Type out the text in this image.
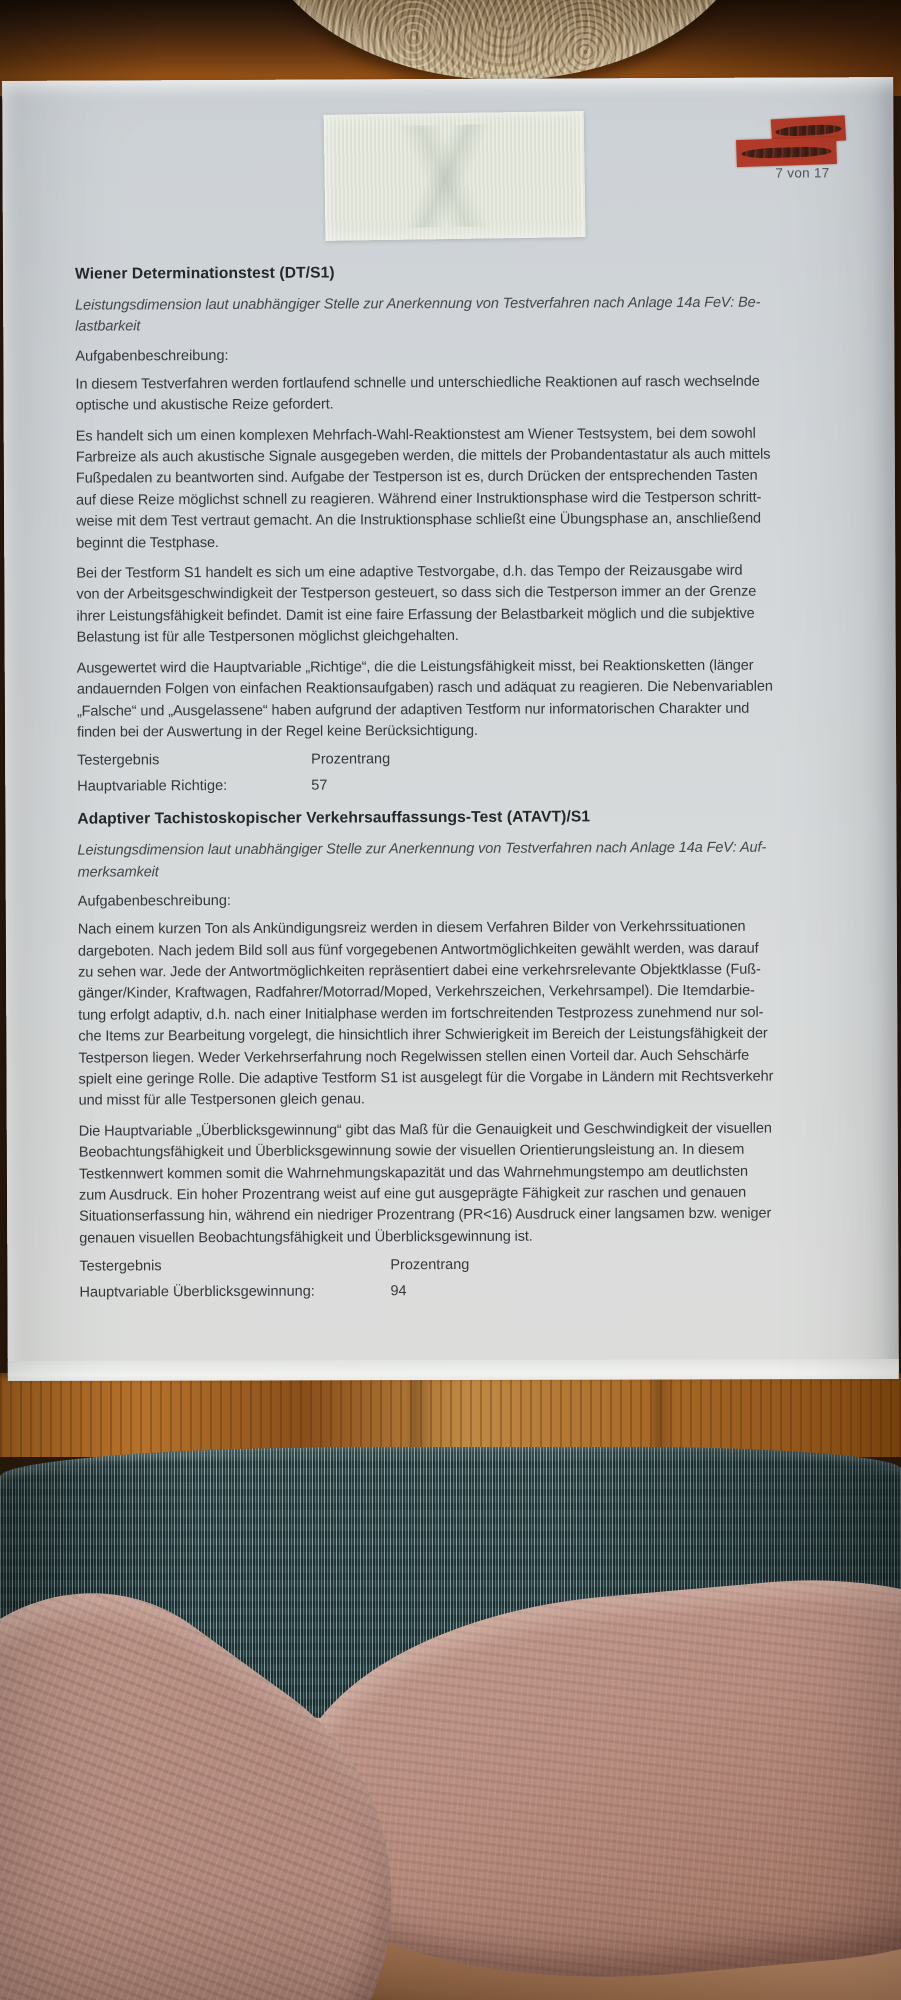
7 von 17

Wiener Determinationstest (DT/S1)

Leistungsdimension laut unabhängiger Stelle zur Anerkennung von Testverfahren nach Anlage 14a FeV: Be-
lastbarkeit

Aufgabenbeschreibung:

In diesem Testverfahren werden fortlaufend schnelle und unterschiedliche Reaktionen auf rasch wechselnde
optische und akustische Reize gefordert.

Es handelt sich um einen komplexen Mehrfach-Wahl-Reaktionstest am Wiener Testsystem, bei dem sowohl
Farbreize als auch akustische Signale ausgegeben werden, die mittels der Probandentastatur als auch mittels
Fußpedalen zu beantworten sind. Aufgabe der Testperson ist es, durch Drücken der entsprechenden Tasten
auf diese Reize möglichst schnell zu reagieren. Während einer Instruktionsphase wird die Testperson schritt-
weise mit dem Test vertraut gemacht. An die Instruktionsphase schließt eine Übungsphase an, anschließend
beginnt die Testphase.

Bei der Testform S1 handelt es sich um eine adaptive Testvorgabe, d.h. das Tempo der Reizausgabe wird
von der Arbeitsgeschwindigkeit der Testperson gesteuert, so dass sich die Testperson immer an der Grenze
ihrer Leistungsfähigkeit befindet. Damit ist eine faire Erfassung der Belastbarkeit möglich und die subjektive
Belastung ist für alle Testpersonen möglichst gleichgehalten.

Ausgewertet wird die Hauptvariable „Richtige“, die die Leistungsfähigkeit misst, bei Reaktionsketten (länger
andauernden Folgen von einfachen Reaktionsaufgaben) rasch und adäquat zu reagieren. Die Nebenvariablen
„Falsche“ und „Ausgelassene“ haben aufgrund der adaptiven Testform nur informatorischen Charakter und
finden bei der Auswertung in der Regel keine Berücksichtigung.

Testergebnis	Prozentrang
Hauptvariable Richtige:	57

Adaptiver Tachistoskopischer Verkehrsauffassungs-Test (ATAVT)/S1

Leistungsdimension laut unabhängiger Stelle zur Anerkennung von Testverfahren nach Anlage 14a FeV: Auf-
merksamkeit

Aufgabenbeschreibung:

Nach einem kurzen Ton als Ankündigungsreiz werden in diesem Verfahren Bilder von Verkehrssituationen
dargeboten. Nach jedem Bild soll aus fünf vorgegebenen Antwortmöglichkeiten gewählt werden, was darauf
zu sehen war. Jede der Antwortmöglichkeiten repräsentiert dabei eine verkehrsrelevante Objektklasse (Fuß-
gänger/Kinder, Kraftwagen, Radfahrer/Motorrad/Moped, Verkehrszeichen, Verkehrsampel). Die Itemdarbie-
tung erfolgt adaptiv, d.h. nach einer Initialphase werden im fortschreitenden Testprozess zunehmend nur sol-
che Items zur Bearbeitung vorgelegt, die hinsichtlich ihrer Schwierigkeit im Bereich der Leistungsfähigkeit der
Testperson liegen. Weder Verkehrserfahrung noch Regelwissen stellen einen Vorteil dar. Auch Sehschärfe
spielt eine geringe Rolle. Die adaptive Testform S1 ist ausgelegt für die Vorgabe in Ländern mit Rechtsverkehr
und misst für alle Testpersonen gleich genau.

Die Hauptvariable „Überblicksgewinnung“ gibt das Maß für die Genauigkeit und Geschwindigkeit der visuellen
Beobachtungsfähigkeit und Überblicksgewinnung sowie der visuellen Orientierungsleistung an. In diesem
Testkennwert kommen somit die Wahrnehmungskapazität und das Wahrnehmungstempo am deutlichsten
zum Ausdruck. Ein hoher Prozentrang weist auf eine gut ausgeprägte Fähigkeit zur raschen und genauen
Situationserfassung hin, während ein niedriger Prozentrang (PR<16) Ausdruck einer langsamen bzw. weniger
genauen visuellen Beobachtungsfähigkeit und Überblicksgewinnung ist.

Testergebnis	Prozentrang
Hauptvariable Überblicksgewinnung:	94
